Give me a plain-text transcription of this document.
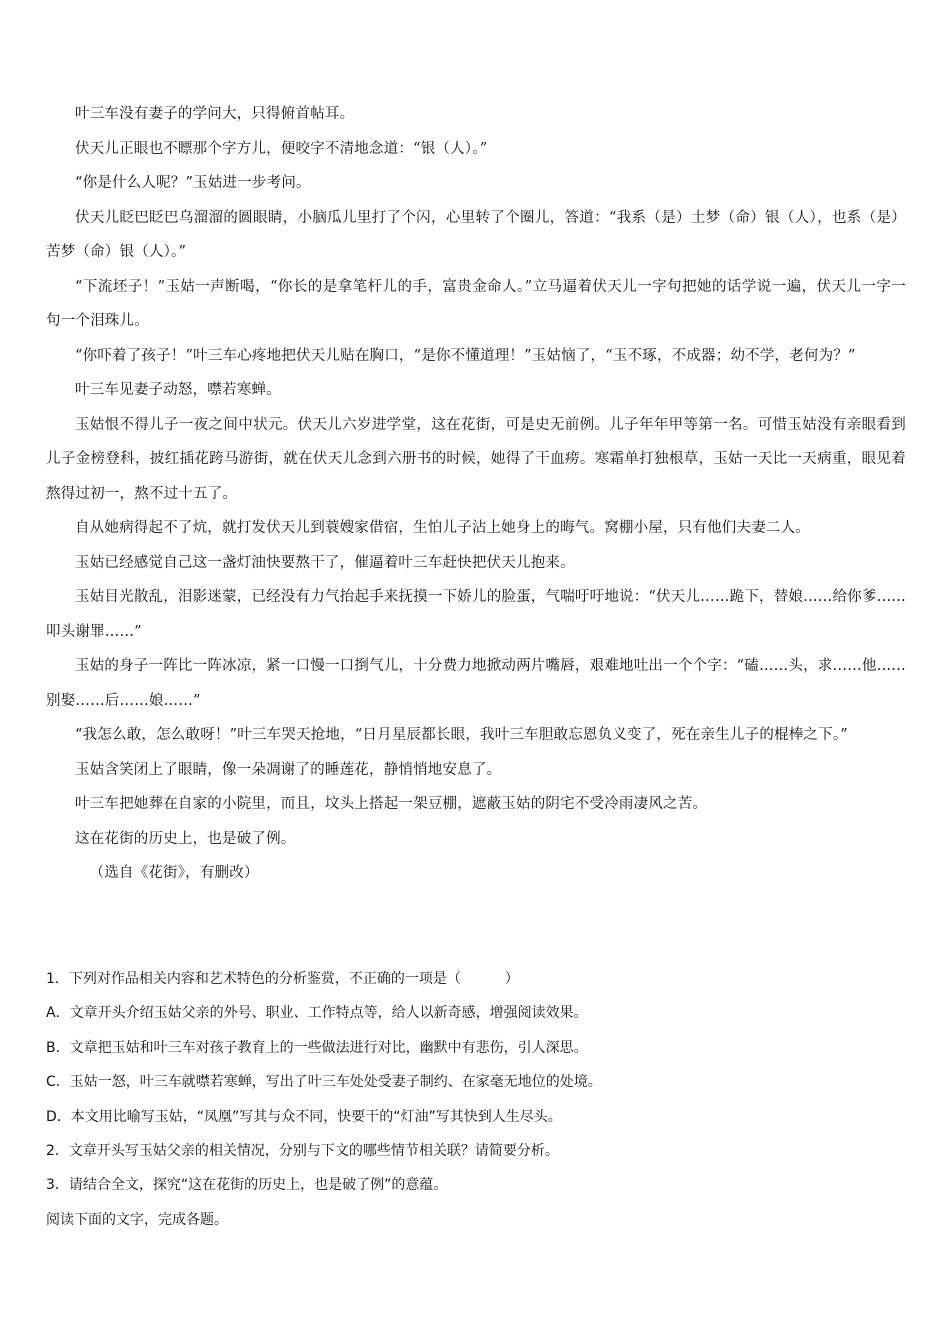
叶三车没有妻子的学问大，只得俯首帖耳。

伏天儿正眼也不瞟那个字方儿，便咬字不清地念道：“银（人）。”

“你是什么人呢？”玉姑进一步考问。

伏天儿眨巴眨巴乌溜溜的圆眼睛，小脑瓜儿里打了个闪，心里转了个圈儿，答道：“我系（是）土梦（命）银（人），也系（是）苦梦（命）银（人）。”

“下流坯子！”玉姑一声断喝，“你长的是拿笔杆儿的手，富贵金命人。”立马逼着伏天儿一字句把她的话学说一遍，伏天儿一字一句一个泪珠儿。

“你吓着了孩子！”叶三车心疼地把伏天儿贴在胸口，“是你不懂道理！”玉姑恼了，“玉不琢，不成器；幼不学，老何为？”

叶三车见妻子动怒，噤若寒蝉。

玉姑恨不得儿子一夜之间中状元。伏天儿六岁进学堂，这在花街，可是史无前例。儿子年年甲等第一名。可惜玉姑没有亲眼看到儿子金榜登科，披红插花跨马游街，就在伏天儿念到六册书的时候，她得了干血痨。寒霜单打独根草，玉姑一天比一天病重，眼见着熬得过初一，熬不过十五了。

自从她病得起不了炕，就打发伏天儿到蓑嫂家借宿，生怕儿子沾上她身上的晦气。窝棚小屋，只有他们夫妻二人。

玉姑已经感觉自己这一盏灯油快要熬干了，催逼着叶三车赶快把伏天儿抱来。

玉姑目光散乱，泪影迷蒙，已经没有力气抬起手来抚摸一下娇儿的脸蛋，气喘吁吁地说：“伏天儿……跪下，替娘……给你爹……叩头谢罪……”

玉姑的身子一阵比一阵冰凉，紧一口慢一口捯气儿，十分费力地掀动两片嘴唇，艰难地吐出一个个字：“磕……头，求……他……别娶……后……娘……”

“我怎么敢，怎么敢呀！”叶三车哭天抢地，“日月星辰都长眼，我叶三车胆敢忘恩负义变了，死在亲生儿子的棍棒之下。”

玉姑含笑闭上了眼睛，像一朵凋谢了的睡莲花，静悄悄地安息了。

叶三车把她葬在自家的小院里，而且，坟头上搭起一架豆棚，遮蔽玉姑的阴宅不受冷雨凄风之苦。

这在花街的历史上，也是破了例。

（选自《花街》，有删改）

1．下列对作品相关内容和艺术特色的分析鉴赏，不正确的一项是（	）

A．文章开头介绍玉姑父亲的外号、职业、工作特点等，给人以新奇感，增强阅读效果。

B．文章把玉姑和叶三车对孩子教育上的一些做法进行对比，幽默中有悲伤，引人深思。

C．玉姑一怒，叶三车就噤若寒蝉，写出了叶三车处处受妻子制约、在家毫无地位的处境。

D．本文用比喻写玉姑，“凤凰”写其与众不同，快要干的“灯油”写其快到人生尽头。

2．文章开头写玉姑父亲的相关情况，分别与下文的哪些情节相关联？请简要分析。

3．请结合全文，探究“这在花街的历史上，也是破了例”的意蕴。

阅读下面的文字，完成各题。
